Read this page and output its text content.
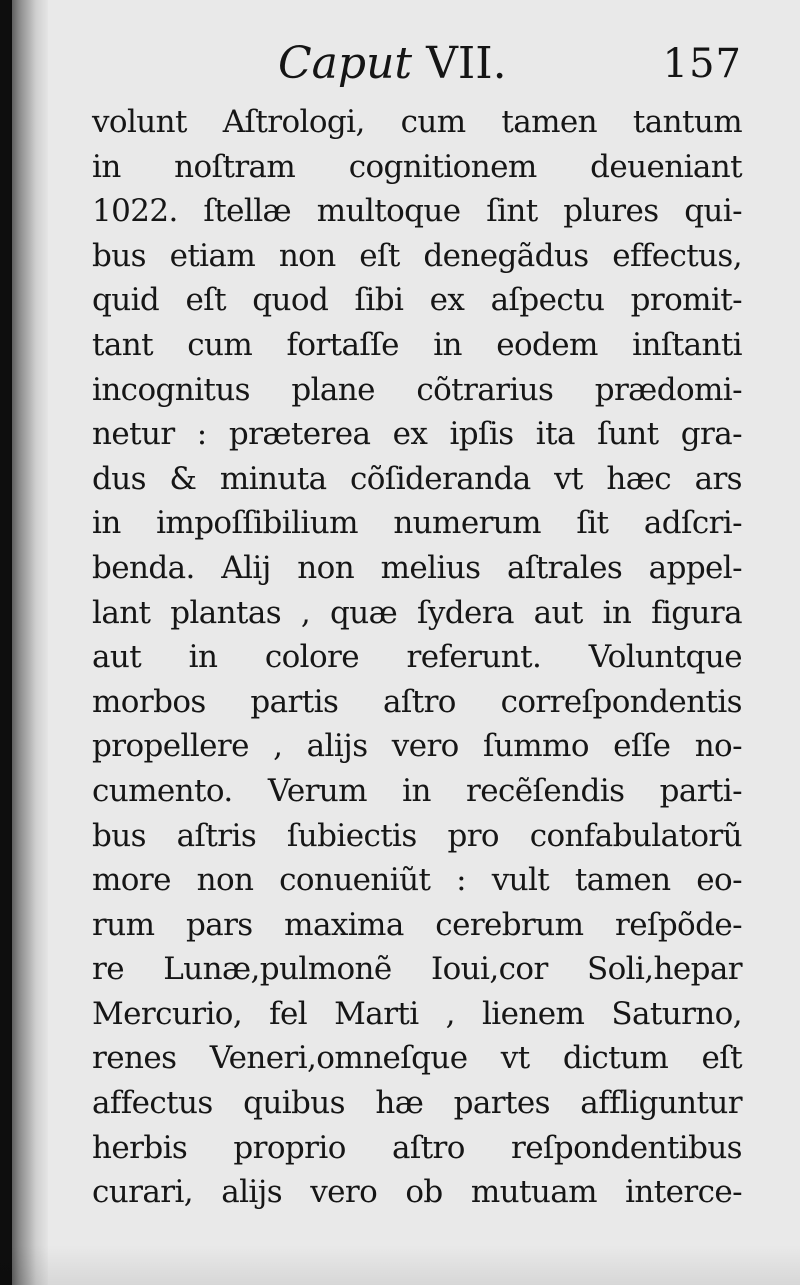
Caput VII.	157
volunt Aſtrologi, cum tamen tantum
in noſtram cognitionem deueniant
1022. ſtellæ multoque ſint plures qui-
bus etiam non eſt denegãdus effectus,
quid eſt quod ſibi ex aſpectu promit-
tant cum fortaſſe in eodem inſtanti
incognitus plane cõtrarius prædomi-
netur : præterea ex ipſis ita ſunt gra-
dus & minuta cõſideranda vt hæc ars
in impoſſibilium numerum ſit adſcri-
benda. Alij non melius aſtrales appel-
lant plantas , quæ ſydera aut in figura
aut in colore referunt. Voluntque
morbos partis aſtro correſpondentis
propellere , alijs vero ſummo eſſe no-
cumento. Verum in recẽſendis parti-
bus aſtris ſubiectis pro confabulatorũ
more non conueniũt : vult tamen eo-
rum pars maxima cerebrum reſpõde-
re Lunæ,pulmonẽ Ioui,cor Soli,hepar
Mercurio, fel Marti , lienem Saturno,
renes Veneri,omneſque vt dictum eſt
affectus quibus hæ partes affliguntur
herbis proprio aſtro reſpondentibus
curari, alijs vero ob mutuam interce-
